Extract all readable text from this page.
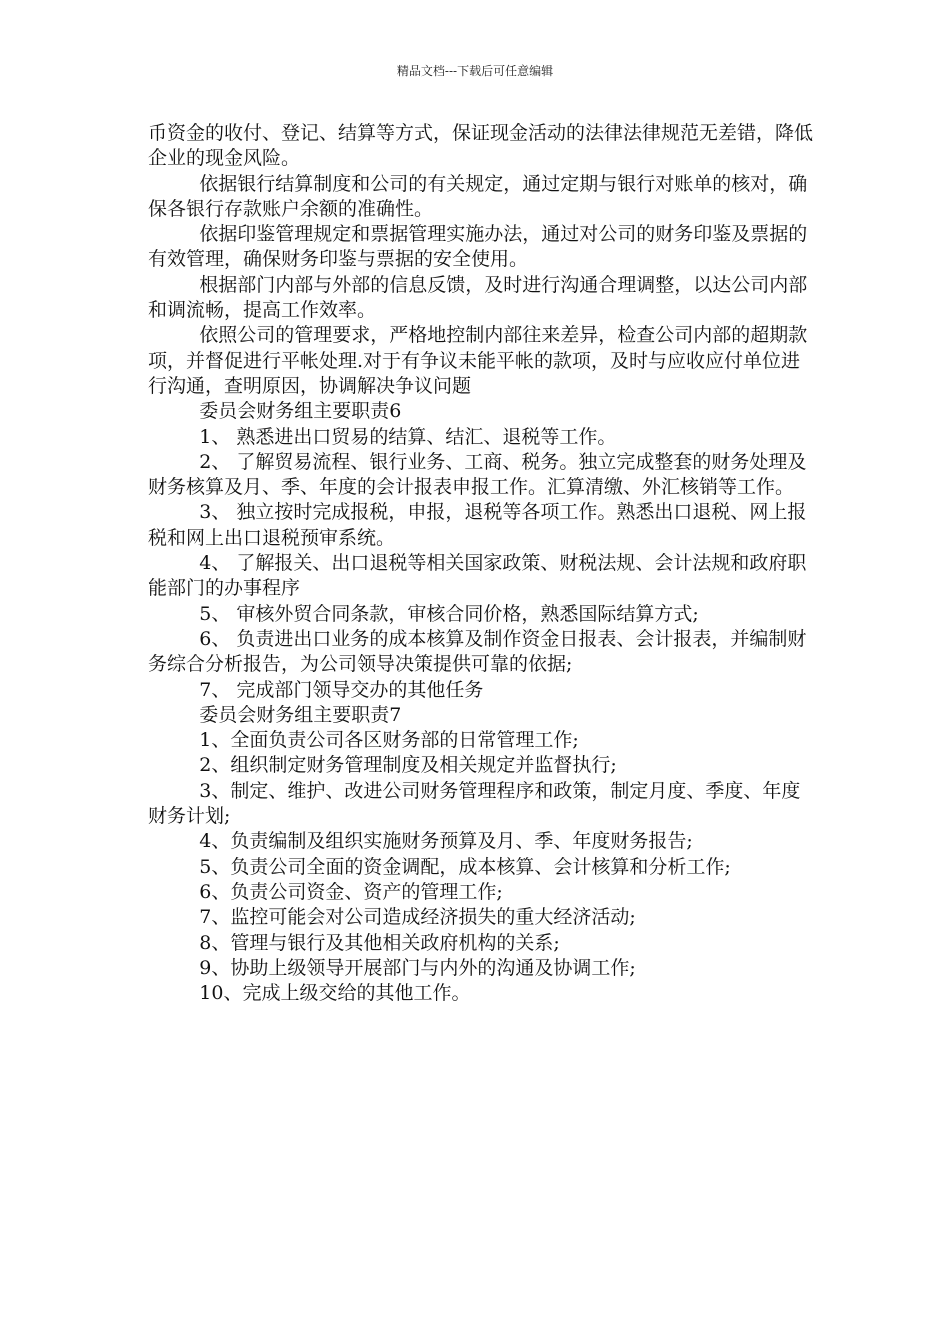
精品文档---下载后可任意编辑

币资金的收付、登记、结算等方式，保证现金活动的法律法律规范无差错，降低企业的现金风险。

依据银行结算制度和公司的有关规定，通过定期与银行对账单的核对，确保各银行存款账户余额的准确性。

依据印鉴管理规定和票据管理实施办法，通过对公司的财务印鉴及票据的有效管理，确保财务印鉴与票据的安全使用。

根据部门内部与外部的信息反馈，及时进行沟通合理调整，以达公司内部和调流畅，提高工作效率。

依照公司的管理要求，严格地控制内部往来差异，检查公司内部的超期款项，并督促进行平帐处理.对于有争议未能平帐的款项，及时与应收应付单位进行沟通，查明原因，协调解决争议问题

委员会财务组主要职责6

1、 熟悉进出口贸易的结算、结汇、退税等工作。

2、 了解贸易流程、银行业务、工商、税务。独立完成整套的财务处理及财务核算及月、季、年度的会计报表申报工作。汇算清缴、外汇核销等工作。

3、 独立按时完成报税，申报，退税等各项工作。熟悉出口退税、网上报税和网上出口退税预审系统。

4、 了解报关、出口退税等相关国家政策、财税法规、会计法规和政府职能部门的办事程序

5、 审核外贸合同条款，审核合同价格，熟悉国际结算方式;

6、 负责进出口业务的成本核算及制作资金日报表、会计报表，并编制财务综合分析报告，为公司领导决策提供可靠的依据;

7、 完成部门领导交办的其他任务

委员会财务组主要职责7

1、全面负责公司各区财务部的日常管理工作;

2、组织制定财务管理制度及相关规定并监督执行;

3、制定、维护、改进公司财务管理程序和政策，制定月度、季度、年度财务计划;

4、负责编制及组织实施财务预算及月、季、年度财务报告;

5、负责公司全面的资金调配，成本核算、会计核算和分析工作;

6、负责公司资金、资产的管理工作;

7、监控可能会对公司造成经济损失的重大经济活动;

8、管理与银行及其他相关政府机构的关系;

9、协助上级领导开展部门与内外的沟通及协调工作;

10、完成上级交给的其他工作。
